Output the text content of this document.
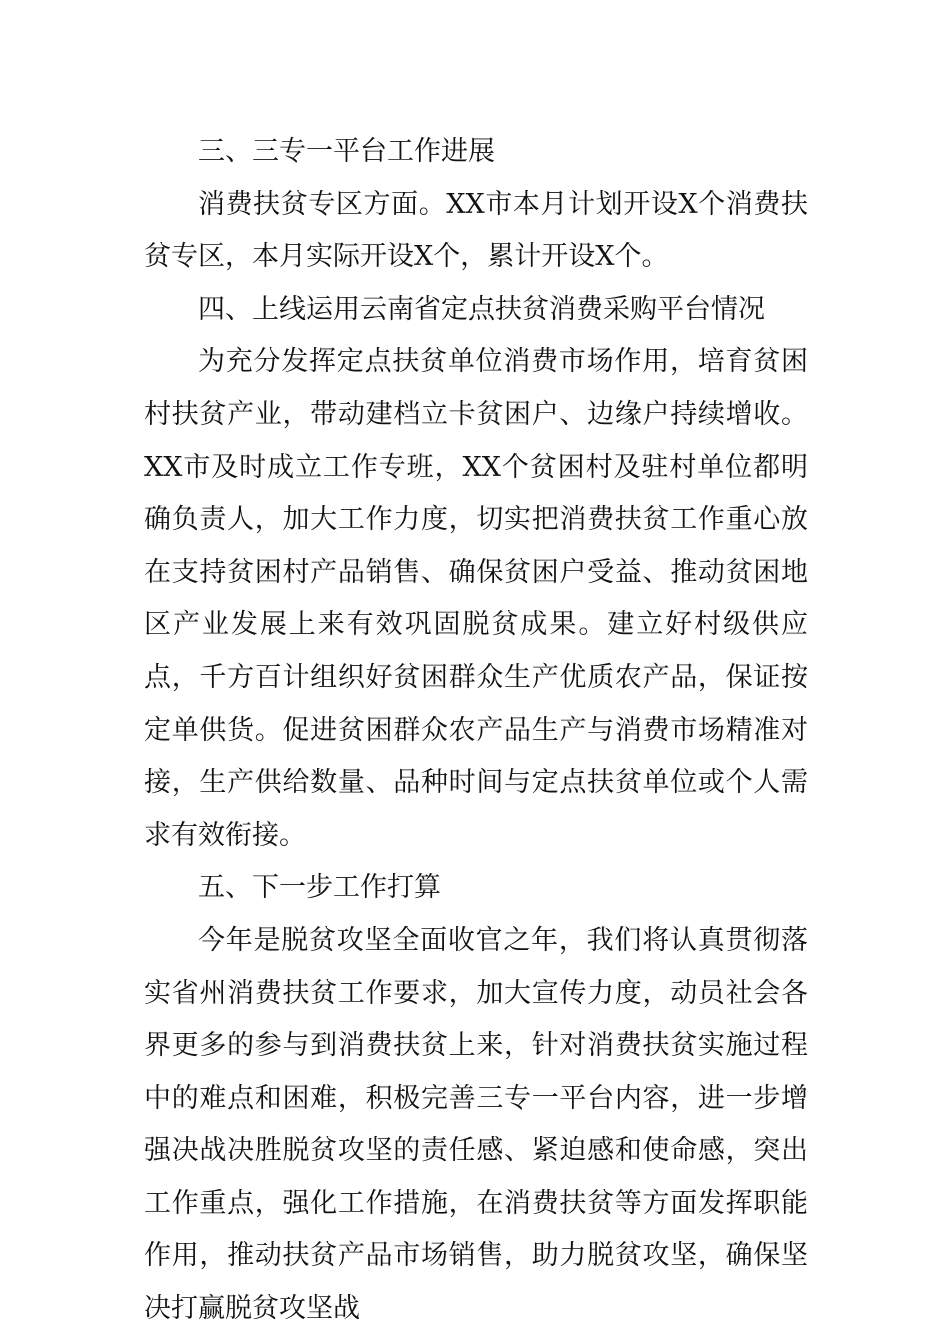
三、三专一平台工作进展

消费扶贫专区方面。XX市本月计划开设X个消费扶贫专区，本月实际开设X个，累计开设X个。

四、上线运用云南省定点扶贫消费采购平台情况

为充分发挥定点扶贫单位消费市场作用，培育贫困村扶贫产业，带动建档立卡贫困户、边缘户持续增收。XX市及时成立工作专班，XX个贫困村及驻村单位都明确负责人，加大工作力度，切实把消费扶贫工作重心放在支持贫困村产品销售、确保贫困户受益、推动贫困地区产业发展上来有效巩固脱贫成果。建立好村级供应点，千方百计组织好贫困群众生产优质农产品，保证按定单供货。促进贫困群众农产品生产与消费市场精准对接，生产供给数量、品种时间与定点扶贫单位或个人需求有效衔接。

五、下一步工作打算

今年是脱贫攻坚全面收官之年，我们将认真贯彻落实省州消费扶贫工作要求，加大宣传力度，动员社会各界更多的参与到消费扶贫上来，针对消费扶贫实施过程中的难点和困难，积极完善三专一平台内容，进一步增强决战决胜脱贫攻坚的责任感、紧迫感和使命感，突出工作重点，强化工作措施，在消费扶贫等方面发挥职能作用，推动扶贫产品市场销售，助力脱贫攻坚，确保坚决打赢脱贫攻坚战
